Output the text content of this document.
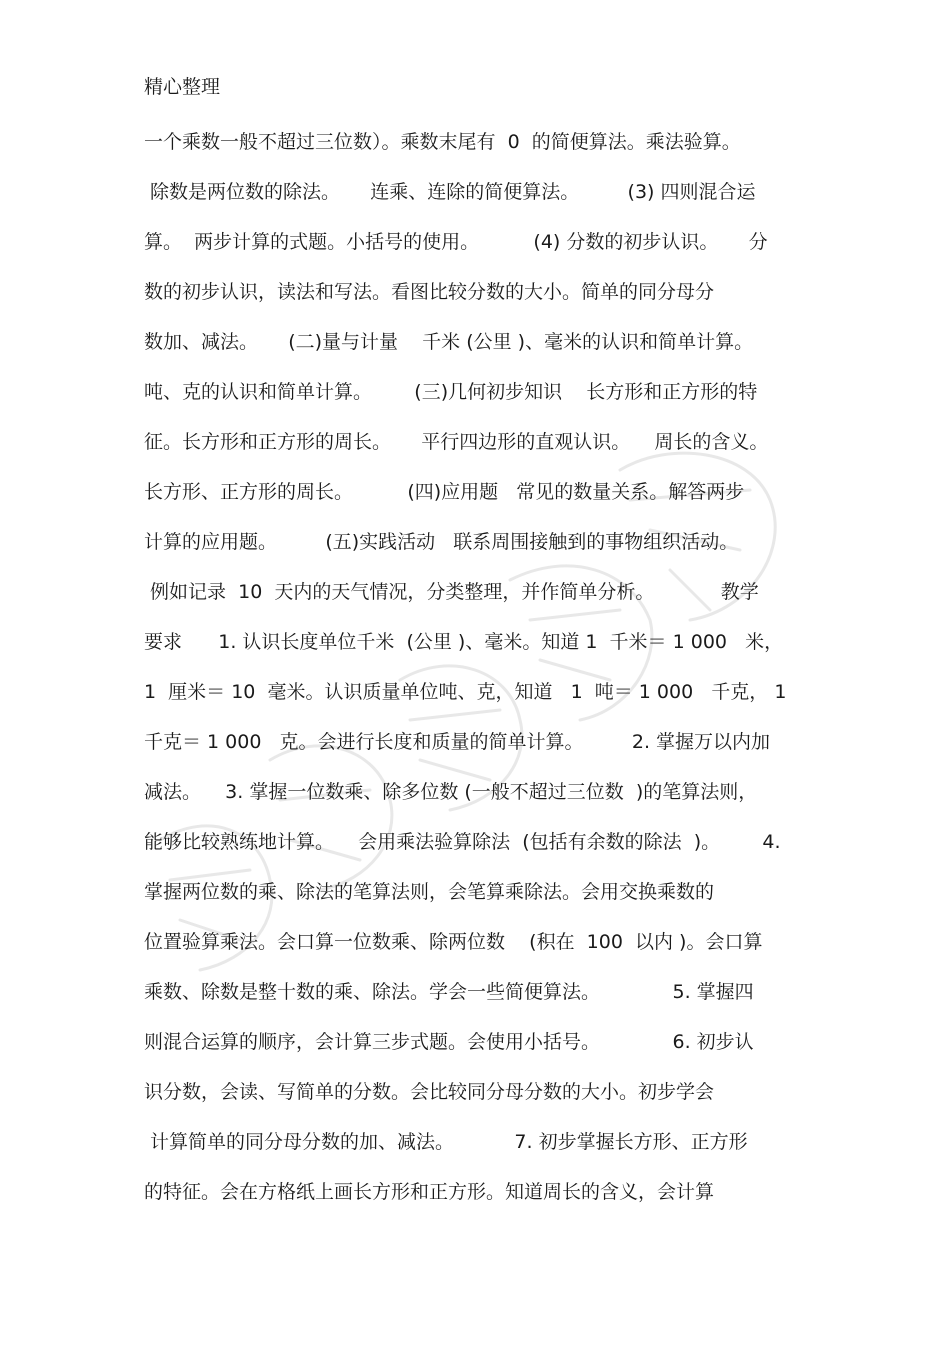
精心整理
一个乘数一般不超过三位数）。乘数末尾有  0  的简便算法。乘法验算。
除数是两位数的除法。     连乘、连除的简便算法。        (3) 四则混合运
算。  两步计算的式题。小括号的使用。         (4) 分数的初步认识。     分
数的初步认识，读法和写法。看图比较分数的大小。简单的同分母分
数加、减法。     (二)量与计量    千米 (公里 )、毫米的认识和简单计算。
吨、克的认识和简单计算。       (三)几何初步知识    长方形和正方形的特
征。长方形和正方形的周长。     平行四边形的直观认识。    周长的含义。
长方形、正方形的周长。         (四)应用题   常见的数量关系。解答两步
计算的应用题。        (五)实践活动   联系周围接触到的事物组织活动。
例如记录  10  天内的天气情况，分类整理，并作简单分析。           教学
要求      1. 认识长度单位千米  (公里 )、毫米。知道 1  千米＝ 1 000   米，
1  厘米＝ 10  毫米。认识质量单位吨、克，知道   1  吨＝ 1 000   千克， 1
千克＝ 1 000   克。会进行长度和质量的简单计算。        2. 掌握万以内加
减法。    3. 掌握一位数乘、除多位数 (一般不超过三位数  )的笔算法则，
能够比较熟练地计算。    会用乘法验算除法  (包括有余数的除法  )。       4.
掌握两位数的乘、除法的笔算法则，会笔算乘除法。会用交换乘数的
位置验算乘法。会口算一位数乘、除两位数    (积在  100  以内 )。会口算
乘数、除数是整十数的乘、除法。学会一些简便算法。            5. 掌握四
则混合运算的顺序，会计算三步式题。会使用小括号。            6. 初步认
识分数，会读、写简单的分数。会比较同分母分数的大小。初步学会
计算简单的同分母分数的加、减法。          7. 初步掌握长方形、正方形
的特征。会在方格纸上画长方形和正方形。知道周长的含义，会计算
